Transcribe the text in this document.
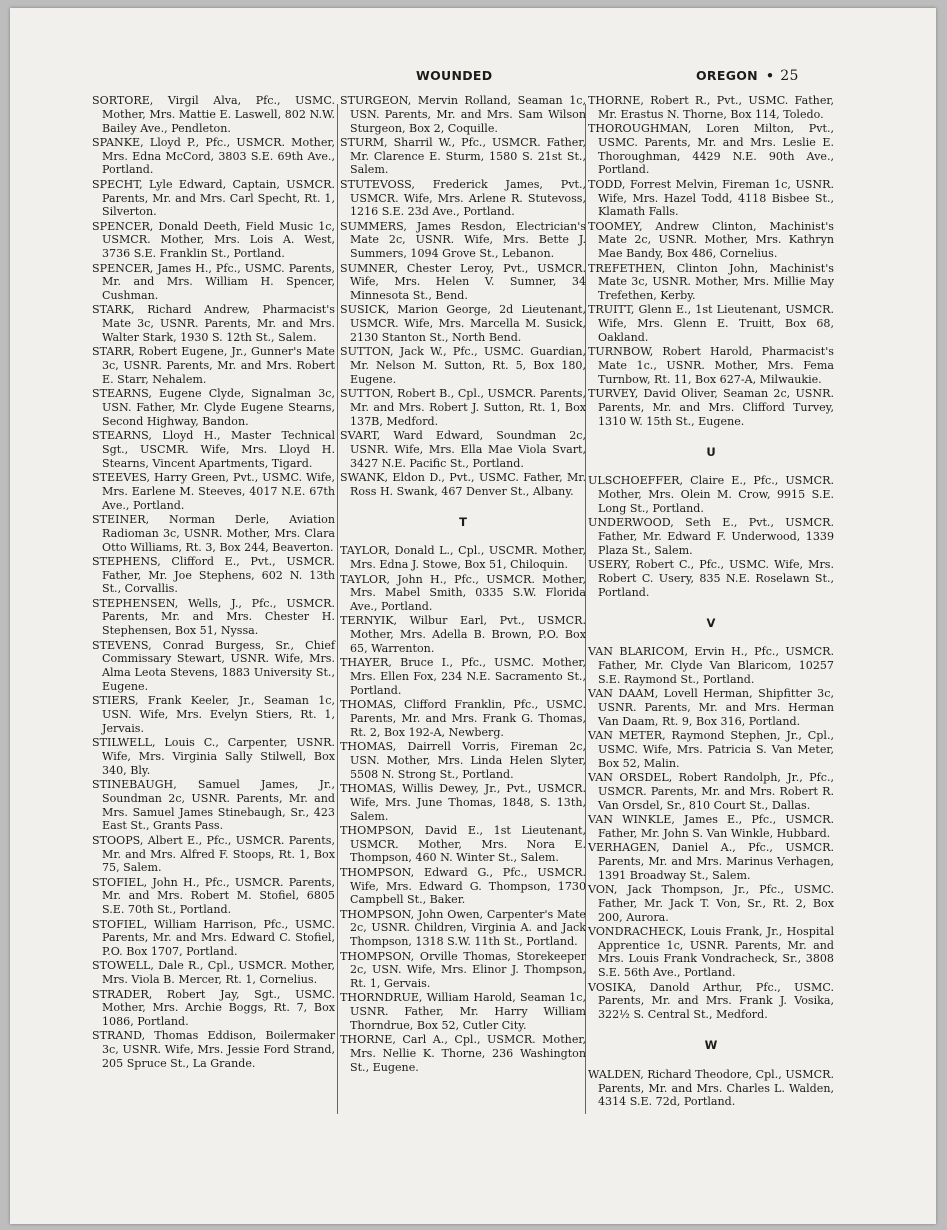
WOUNDED	OREGON • 25
SORTORE, Virgil Alva, Pfc., USMC. Mother, Mrs. Mattie E. Laswell, 802 N.W. Bailey Ave., Pendleton.
SPANKE, Lloyd P., Pfc., USMCR. Mother, Mrs. Edna McCord, 3803 S.E. 69th Ave., Portland.
SPECHT, Lyle Edward, Captain, USMCR. Parents, Mr. and Mrs. Carl Specht, Rt. 1, Silverton.
SPENCER, Donald Deeth, Field Music 1c, USMCR. Mother, Mrs. Lois A. West, 3736 S.E. Franklin St., Portland.
SPENCER, James H., Pfc., USMC. Parents, Mr. and Mrs. William H. Spencer, Cushman.
STARK, Richard Andrew, Pharmacist's Mate 3c, USNR. Parents, Mr. and Mrs. Walter Stark, 1930 S. 12th St., Salem.
STARR, Robert Eugene, Jr., Gunner's Mate 3c, USNR. Parents, Mr. and Mrs. Robert E. Starr, Nehalem.
STEARNS, Eugene Clyde, Signalman 3c, USN. Father, Mr. Clyde Eugene Stearns, Second Highway, Bandon.
STEARNS, Lloyd H., Master Technical Sgt., USCMR. Wife, Mrs. Lloyd H. Stearns, Vincent Apartments, Tigard.
STEEVES, Harry Green, Pvt., USMC. Wife, Mrs. Earlene M. Steeves, 4017 N.E. 67th Ave., Portland.
STEINER, Norman Derle, Aviation Radioman 3c, USNR. Mother, Mrs. Clara Otto Williams, Rt. 3, Box 244, Beaverton.
STEPHENS, Clifford E., Pvt., USMCR. Father, Mr. Joe Stephens, 602 N. 13th St., Corvallis.
STEPHENSEN, Wells, J., Pfc., USMCR. Parents, Mr. and Mrs. Chester H. Stephensen, Box 51, Nyssa.
STEVENS, Conrad Burgess, Sr., Chief Commissary Stewart, USNR. Wife, Mrs. Alma Leota Stevens, 1883 University St., Eugene.
STIERS, Frank Keeler, Jr., Seaman 1c, USN. Wife, Mrs. Evelyn Stiers, Rt. 1, Jervais.
STILWELL, Louis C., Carpenter, USNR. Wife, Mrs. Virginia Sally Stilwell, Box 340, Bly.
STINEBAUGH, Samuel James, Jr., Soundman 2c, USNR. Parents, Mr. and Mrs. Samuel James Stinebaugh, Sr., 423 East St., Grants Pass.
STOOPS, Albert E., Pfc., USMCR. Parents, Mr. and Mrs. Alfred F. Stoops, Rt. 1, Box 75, Salem.
STOFIEL, John H., Pfc., USMCR. Parents, Mr. and Mrs. Robert M. Stofiel, 6805 S.E. 70th St., Portland.
STOFIEL, William Harrison, Pfc., USMC. Parents, Mr. and Mrs. Edward C. Stofiel, P.O. Box 1707, Portland.
STOWELL, Dale R., Cpl., USMCR. Mother, Mrs. Viola B. Mercer, Rt. 1, Cornelius.
STRADER, Robert Jay, Sgt., USMC. Mother, Mrs. Archie Boggs, Rt. 7, Box 1086, Portland.
STRAND, Thomas Eddison, Boilermaker 3c, USNR. Wife, Mrs. Jessie Ford Strand, 205 Spruce St., La Grande.
STURGEON, Mervin Rolland, Seaman 1c, USN. Parents, Mr. and Mrs. Sam Wilson Sturgeon, Box 2, Coquille.
STURM, Sharril W., Pfc., USMCR. Father, Mr. Clarence E. Sturm, 1580 S. 21st St., Salem.
STUTEVOSS, Frederick James, Pvt., USMCR. Wife, Mrs. Arlene R. Stutevoss, 1216 S.E. 23d Ave., Portland.
SUMMERS, James Resdon, Electrician's Mate 2c, USNR. Wife, Mrs. Bette J. Summers, 1094 Grove St., Lebanon.
SUMNER, Chester Leroy, Pvt., USMCR. Wife, Mrs. Helen V. Sumner, 34 Minnesota St., Bend.
SUSICK, Marion George, 2d Lieutenant, USMCR. Wife, Mrs. Marcella M. Susick, 2130 Stanton St., North Bend.
SUTTON, Jack W., Pfc., USMC. Guardian, Mr. Nelson M. Sutton, Rt. 5, Box 180, Eugene.
SUTTON, Robert B., Cpl., USMCR. Parents, Mr. and Mrs. Robert J. Sutton, Rt. 1, Box 137B, Medford.
SVART, Ward Edward, Soundman 2c, USNR. Wife, Mrs. Ella Mae Viola Svart, 3427 N.E. Pacific St., Portland.
SWANK, Eldon D., Pvt., USMC. Father, Mr. Ross H. Swank, 467 Denver St., Albany.
T
TAYLOR, Donald L., Cpl., USCMR. Mother, Mrs. Edna J. Stowe, Box 51, Chiloquin.
TAYLOR, John H., Pfc., USMCR. Mother, Mrs. Mabel Smith, 0335 S.W. Florida Ave., Portland.
TERNYIK, Wilbur Earl, Pvt., USMCR. Mother, Mrs. Adella B. Brown, P.O. Box 65, Warrenton.
THAYER, Bruce I., Pfc., USMC. Mother, Mrs. Ellen Fox, 234 N.E. Sacramento St., Portland.
THOMAS, Clifford Franklin, Pfc., USMC. Parents, Mr. and Mrs. Frank G. Thomas, Rt. 2, Box 192-A, Newberg.
THOMAS, Dairrell Vorris, Fireman 2c, USN. Mother, Mrs. Linda Helen Slyter, 5508 N. Strong St., Portland.
THOMAS, Willis Dewey, Jr., Pvt., USMCR. Wife, Mrs. June Thomas, 1848, S. 13th, Salem.
THOMPSON, David E., 1st Lieutenant, USMCR. Mother, Mrs. Nora E. Thompson, 460 N. Winter St., Salem.
THOMPSON, Edward G., Pfc., USMCR. Wife, Mrs. Edward G. Thompson, 1730 Campbell St., Baker.
THOMPSON, John Owen, Carpenter's Mate 2c, USNR. Children, Virginia A. and Jack Thompson, 1318 S.W. 11th St., Portland.
THOMPSON, Orville Thomas, Storekeeper 2c, USN. Wife, Mrs. Elinor J. Thompson, Rt. 1, Gervais.
THORNDRUE, William Harold, Seaman 1c, USNR. Father, Mr. Harry William Thorndrue, Box 52, Cutler City.
THORNE, Carl A., Cpl., USMCR. Mother, Mrs. Nellie K. Thorne, 236 Washington St., Eugene.
THORNE, Robert R., Pvt., USMC. Father, Mr. Erastus N. Thorne, Box 114, Toledo.
THOROUGHMAN, Loren Milton, Pvt., USMC. Parents, Mr. and Mrs. Leslie E. Thoroughman, 4429 N.E. 90th Ave., Portland.
TODD, Forrest Melvin, Fireman 1c, USNR. Wife, Mrs. Hazel Todd, 4118 Bisbee St., Klamath Falls.
TOOMEY, Andrew Clinton, Machinist's Mate 2c, USNR. Mother, Mrs. Kathryn Mae Bandy, Box 486, Cornelius.
TREFETHEN, Clinton John, Machinist's Mate 3c, USNR. Mother, Mrs. Millie May Trefethen, Kerby.
TRUITT, Glenn E., 1st Lieutenant, USMCR. Wife, Mrs. Glenn E. Truitt, Box 68, Oakland.
TURNBOW, Robert Harold, Pharmacist's Mate 1c., USNR. Mother, Mrs. Fema Turnbow, Rt. 11, Box 627-A, Milwaukie.
TURVEY, David Oliver, Seaman 2c, USNR. Parents, Mr. and Mrs. Clifford Turvey, 1310 W. 15th St., Eugene.
U
ULSCHOEFFER, Claire E., Pfc., USMCR. Mother, Mrs. Olein M. Crow, 9915 S.E. Long St., Portland.
UNDERWOOD, Seth E., Pvt., USMCR. Father, Mr. Edward F. Underwood, 1339 Plaza St., Salem.
USERY, Robert C., Pfc., USMC. Wife, Mrs. Robert C. Usery, 835 N.E. Roselawn St., Portland.
V
VAN BLARICOM, Ervin H., Pfc., USMCR. Father, Mr. Clyde Van Blaricom, 10257 S.E. Raymond St., Portland.
VAN DAAM, Lovell Herman, Shipfitter 3c, USNR. Parents, Mr. and Mrs. Herman Van Daam, Rt. 9, Box 316, Portland.
VAN METER, Raymond Stephen, Jr., Cpl., USMC. Wife, Mrs. Patricia S. Van Meter, Box 52, Malin.
VAN ORSDEL, Robert Randolph, Jr., Pfc., USMCR. Parents, Mr. and Mrs. Robert R. Van Orsdel, Sr., 810 Court St., Dallas.
VAN WINKLE, James E., Pfc., USMCR. Father, Mr. John S. Van Winkle, Hubbard.
VERHAGEN, Daniel A., Pfc., USMCR. Parents, Mr. and Mrs. Marinus Verhagen, 1391 Broadway St., Salem.
VON, Jack Thompson, Jr., Pfc., USMC. Father, Mr. Jack T. Von, Sr., Rt. 2, Box 200, Aurora.
VONDRACHECK, Louis Frank, Jr., Hospital Apprentice 1c, USNR. Parents, Mr. and Mrs. Louis Frank Vondracheck, Sr., 3808 S.E. 56th Ave., Portland.
VOSIKA, Danold Arthur, Pfc., USMC. Parents, Mr. and Mrs. Frank J. Vosika, 322½ S. Central St., Medford.
W
WALDEN, Richard Theodore, Cpl., USMCR. Parents, Mr. and Mrs. Charles L. Walden, 4314 S.E. 72d, Portland.
